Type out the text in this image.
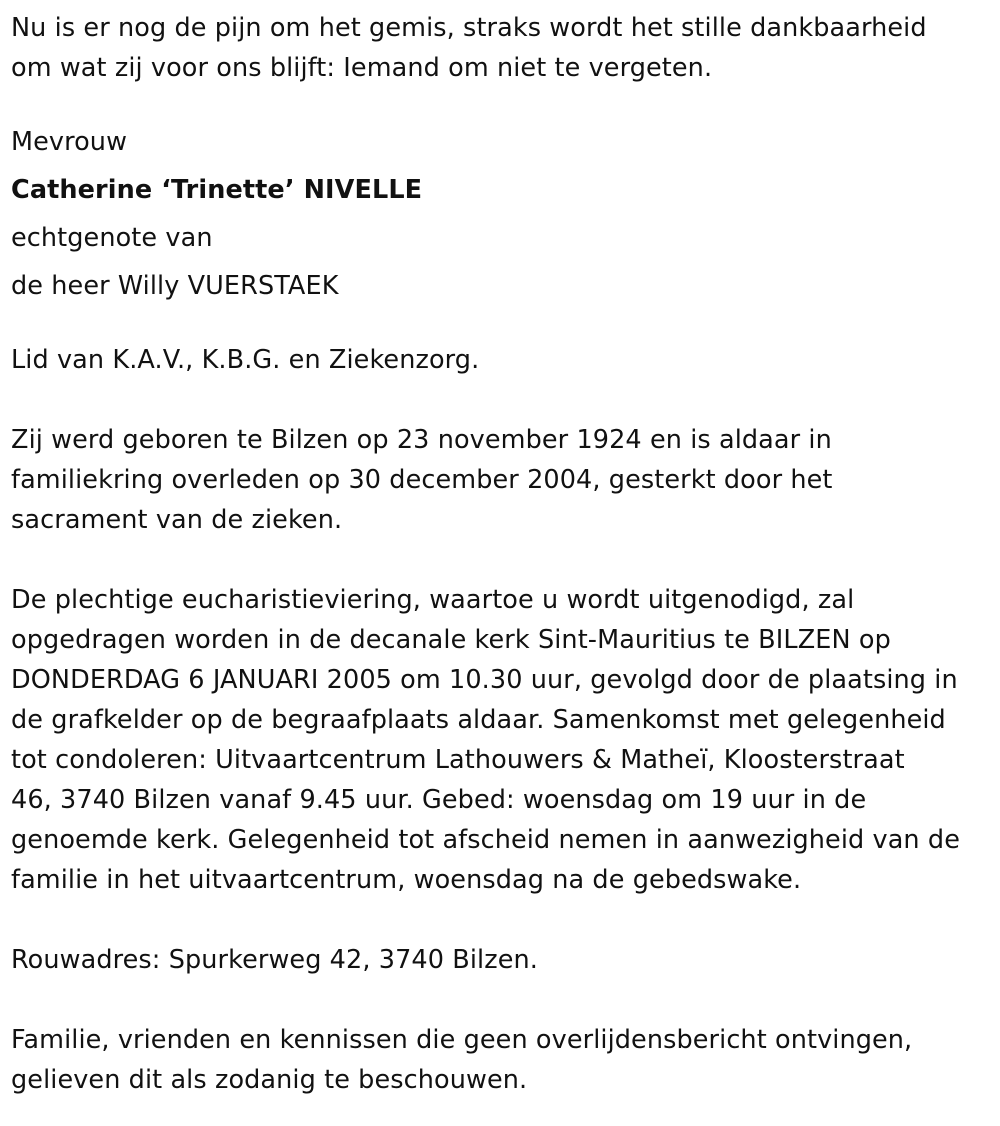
Nu is er nog de pijn om het gemis, straks wordt het stille dankbaarheid
om wat zij voor ons blijft: Iemand om niet te vergeten.
Mevrouw
Catherine ‘Trinette’ NIVELLE
echtgenote van
de heer Willy VUERSTAEK
Lid van K.A.V., K.B.G. en Ziekenzorg.
Zij werd geboren te Bilzen op 23 november 1924 en is aldaar in
familiekring overleden op 30 december 2004, gesterkt door het
sacrament van de zieken.
De plechtige eucharistieviering, waartoe u wordt uitgenodigd, zal
opgedragen worden in de decanale kerk Sint-Mauritius te BILZEN op
DONDERDAG 6 JANUARI 2005 om 10.30 uur, gevolgd door de plaatsing in
de grafkelder op de begraafplaats aldaar. Samenkomst met gelegenheid
tot condoleren: Uitvaartcentrum Lathouwers & Matheï, Kloosterstraat
46, 3740 Bilzen vanaf 9.45 uur. Gebed: woensdag om 19 uur in de
genoemde kerk. Gelegenheid tot afscheid nemen in aanwezigheid van de
familie in het uitvaartcentrum, woensdag na de gebedswake.
Rouwadres: Spurkerweg 42, 3740 Bilzen.
Familie, vrienden en kennissen die geen overlijdensbericht ontvingen,
gelieven dit als zodanig te beschouwen.
